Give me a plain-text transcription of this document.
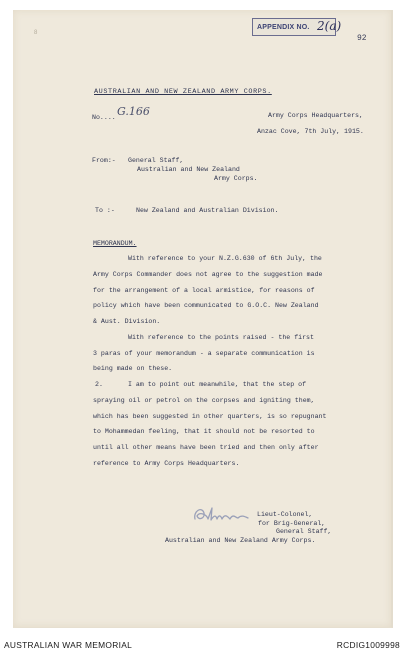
8
APPENDIX NO. 2(a)
92
AUSTRALIAN AND NEW ZEALAND ARMY CORPS.
No.... G.166	Army Corps Headquarters,
Anzac Cove, 7th July, 1915.
From:- General Staff,
Australian and New Zealand
Army Corps.
To :-	New Zealand and Australian Division.
MEMORANDUM.
With reference to your N.Z.G.630 of 6th July, the
Army Corps Commander does not agree to the suggestion made
for the arrangement of a local armistice, for reasons of
policy which have been communicated to G.O.C. New Zealand
& Aust. Division.
With reference to the points raised - the first
3 paras of your memorandum - a separate communication is
being made on these.
2.	I am to point out meanwhile, that the step of
spraying oil or petrol on the corpses and igniting them,
which has been suggested in other quarters, is so repugnant
to Mohammedan feeling, that it should not be resorted to
until all other means have been tried and then only after
reference to Army Corps Headquarters.
Lieut-Colonel,
for Brig-General,
General Staff,
Australian and New Zealand Army Corps.
AUSTRALIAN WAR MEMORIAL	RCDIG1009998
